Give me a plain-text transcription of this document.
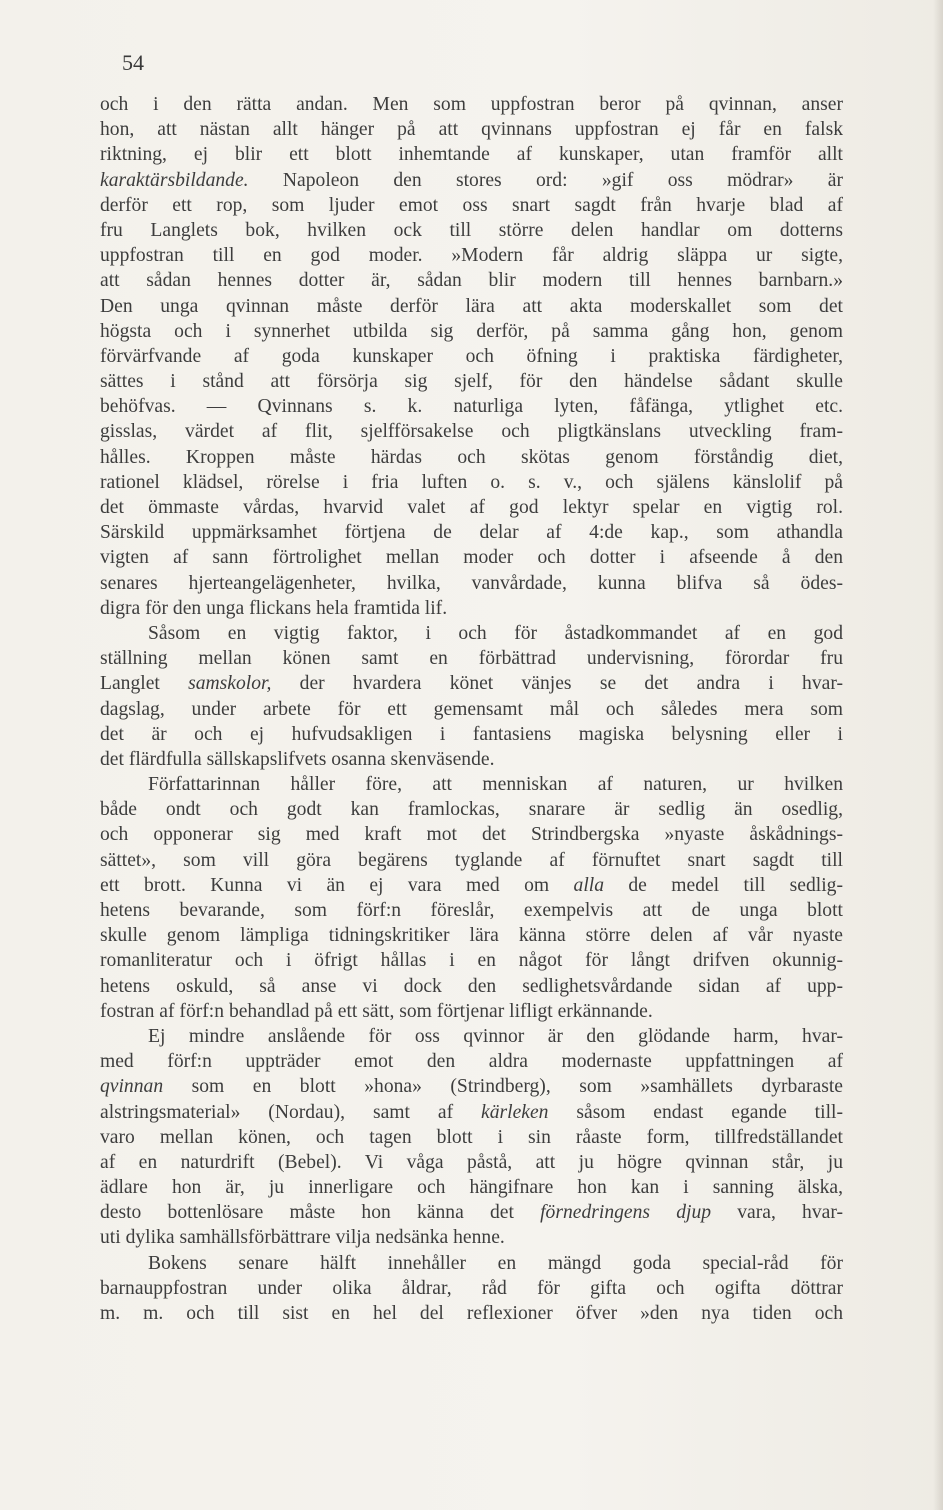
54

och i den rätta andan. Men som uppfostran beror på qvinnan, anser
hon, att nästan allt hänger på att qvinnans uppfostran ej får en falsk
riktning, ej blir ett blott inhemtande af kunskaper, utan framför allt
karaktärsbildande. Napoleon den stores ord: »gif oss mödrar» är
derför ett rop, som ljuder emot oss snart sagdt från hvarje blad af
fru Langlets bok, hvilken ock till större delen handlar om dotterns
uppfostran till en god moder. »Modern får aldrig släppa ur sigte,
att sådan hennes dotter är, sådan blir modern till hennes barnbarn.»
Den unga qvinnan måste derför lära att akta moderskallet som det
högsta och i synnerhet utbilda sig derför, på samma gång hon, genom
förvärfvande af goda kunskaper och öfning i praktiska färdigheter,
sättes i stånd att försörja sig sjelf, för den händelse sådant skulle
behöfvas. — Qvinnans s. k. naturliga lyten, fåfänga, ytlighet etc.
gisslas, värdet af flit, sjelfförsakelse och pligtkänslans utveckling fram-
hålles. Kroppen måste härdas och skötas genom förståndig diet,
rationel klädsel, rörelse i fria luften o. s. v., och själens känslolif på
det ömmaste vårdas, hvarvid valet af god lektyr spelar en vigtig rol.
Särskild uppmärksamhet förtjena de delar af 4:de kap., som athandla
vigten af sann förtrolighet mellan moder och dotter i afseende å den
senares hjerteangelägenheter, hvilka, vanvårdade, kunna blifva så ödes-
digra för den unga flickans hela framtida lif.
Såsom en vigtig faktor, i och för åstadkommandet af en god
ställning mellan könen samt en förbättrad undervisning, förordar fru
Langlet samskolor, der hvardera könet vänjes se det andra i hvar-
dagslag, under arbete för ett gemensamt mål och således mera som
det är och ej hufvudsakligen i fantasiens magiska belysning eller i
det flärdfulla sällskapslifvets osanna skenväsende.
Författarinnan håller före, att menniskan af naturen, ur hvilken
både ondt och godt kan framlockas, snarare är sedlig än osedlig,
och opponerar sig med kraft mot det Strindbergska »nyaste åskådnings-
sättet», som vill göra begärens tyglande af förnuftet snart sagdt till
ett brott. Kunna vi än ej vara med om alla de medel till sedlig-
hetens bevarande, som förf:n föreslår, exempelvis att de unga blott
skulle genom lämpliga tidningskritiker lära känna större delen af vår nyaste
romanliteratur och i öfrigt hållas i en något för långt drifven okunnig-
hetens oskuld, så anse vi dock den sedlighetsvårdande sidan af upp-
fostran af förf:n behandlad på ett sätt, som förtjenar lifligt erkännande.
Ej mindre anslående för oss qvinnor är den glödande harm, hvar-
med förf:n uppträder emot den aldra modernaste uppfattningen af
qvinnan som en blott »hona» (Strindberg), som »samhällets dyrbaraste
alstringsmaterial» (Nordau), samt af kärleken såsom endast egande till-
varo mellan könen, och tagen blott i sin råaste form, tillfredställandet
af en naturdrift (Bebel). Vi våga påstå, att ju högre qvinnan står, ju
ädlare hon är, ju innerligare och hängifnare hon kan i sanning älska,
desto bottenlösare måste hon känna det förnedringens djup vara, hvar-
uti dylika samhällsförbättrare vilja nedsänka henne.
Bokens senare hälft innehåller en mängd goda special-råd för
barnauppfostran under olika åldrar, råd för gifta och ogifta döttrar
m. m. och till sist en hel del reflexioner öfver »den nya tiden och
